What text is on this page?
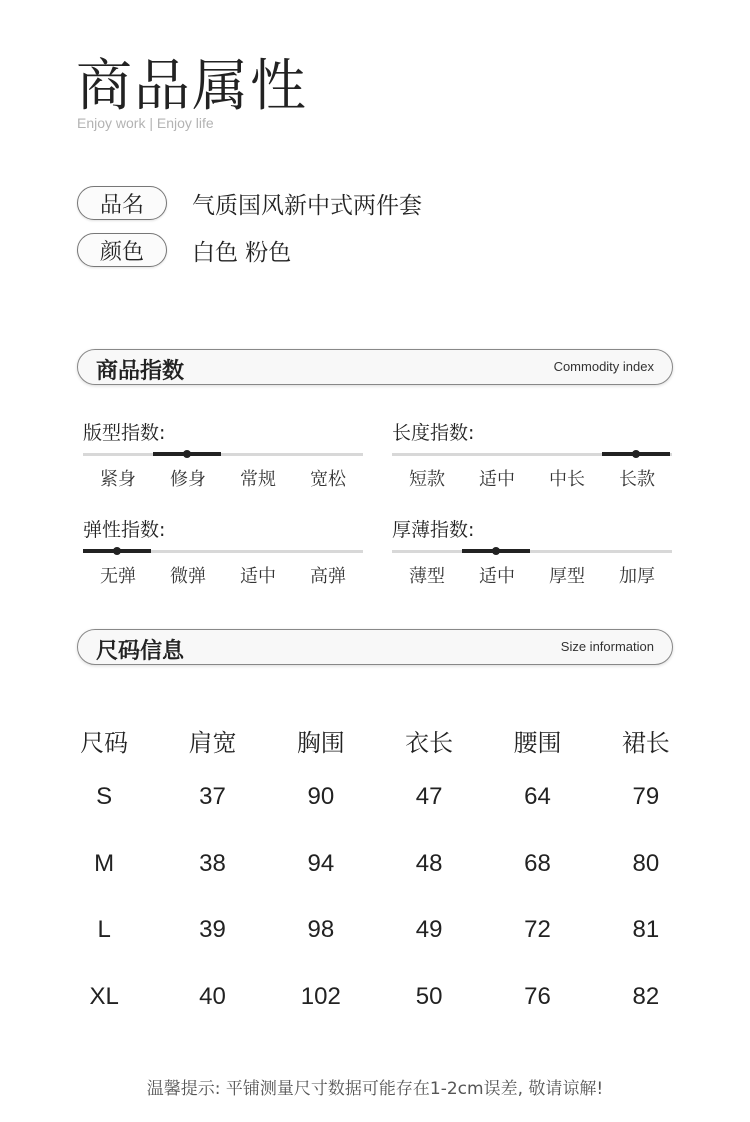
商品属性
Enjoy work | Enjoy life
品名	气质国风新中式两件套
颜色	白色 粉色
商品指数	Commodity index
版型指数:
紧身	修身	常规	宽松
长度指数:
短款	适中	中长	长款
弹性指数:
无弹	微弹	适中	高弹
厚薄指数:
薄型	适中	厚型	加厚
尺码信息	Size information
尺码	肩宽	胸围	衣长	腰围	裙长
S	37	90	47	64	79
M	38	94	48	68	80
L	39	98	49	72	81
XL	40	102	50	76	82
温馨提示: 平铺测量尺寸数据可能存在1-2cm误差, 敬请谅解!
